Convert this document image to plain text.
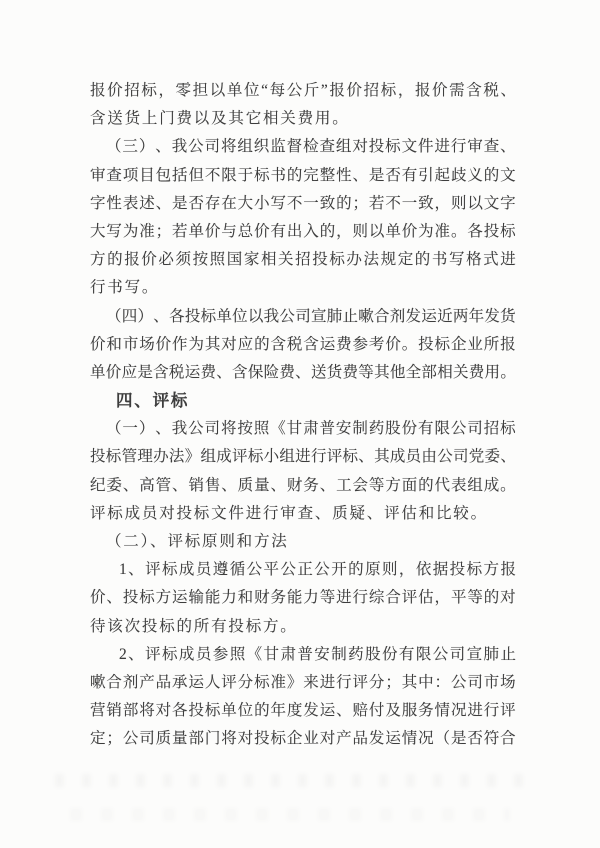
报 价 招 标 ， 零 担 以 单 位 “ 每 公 斤 ” 报 价 招 标 ， 报 价 需 含 税 、
含送货上门费以及其它相关费用。
（ 三 ） 、 我 公 司 将 组 织 监 督 检 查 组 对 投 标 文 件 进 行 审 查 、
审 查 项 目 包 括 但 不 限 于 标 书 的 完 整 性 、 是 否 有 引 起 歧 义 的 文
字 性 表 述 、 是 否 存 在 大 小 写 不 一 致 的 ； 若 不 一 致 ， 则 以 文 字
大 写 为 准 ； 若 单 价 与 总 价 有 出 入 的 ， 则 以 单 价 为 准 。 各 投 标
方 的 报 价 必 须 按 照 国 家 相 关 招 投 标 办 法 规 定 的 书 写 格 式 进
行书写。
（ 四 ） 、 各 投 标 单 位 以 我 公 司 宣 肺 止 嗽 合 剂 发 运 近 两 年 发 货
价 和 市 场 价 作 为 其 对 应 的 含 税 含 运 费 参 考 价 。 投 标 企 业 所 报
单 价 应 是 含 税 运 费 、 含 保 险 费 、 送 货 费 等 其 他 全 部 相 关 费 用 。
四、评标
（ 一 ） 、 我 公 司 将 按 照 《 甘 肃 普 安 制 药 股 份 有 限 公 司 招 标
投 标 管 理 办 法 》 组 成 评 标 小 组 进 行 评 标 、 其 成 员 由 公 司 党 委 、
纪 委 、 高 管 、 销 售 、 质 量 、 财 务 、 工 会 等 方 面 的 代 表 组 成 。
评标成员对投标文件进行审查、质疑、评估和比较。
（二）、评标原则和方法
1 、 评 标 成 员 遵 循 公 平 公 正 公 开 的 原 则 ， 依 据 投 标 方 报
价 、 投 标 方 运 输 能 力 和 财 务 能 力 等 进 行 综 合 评 估 ， 平 等 的 对
待该次投标的所有投标方。
2 、 评 标 成 员 参 照 《 甘 肃 普 安 制 药 股 份 有 限 公 司 宣 肺 止
嗽 合 剂 产 品 承 运 人 评 分 标 准 》 来 进 行 评 分 ； 其 中 ： 公 司 市 场
营 销 部 将 对 各 投 标 单 位 的 年 度 发 运 、 赔 付 及 服 务 情 况 进 行 评
定 ； 公 司 质 量 部 门 将 对 投 标 企 业 对 产 品 发 运 情 况 （ 是 否 符 合
